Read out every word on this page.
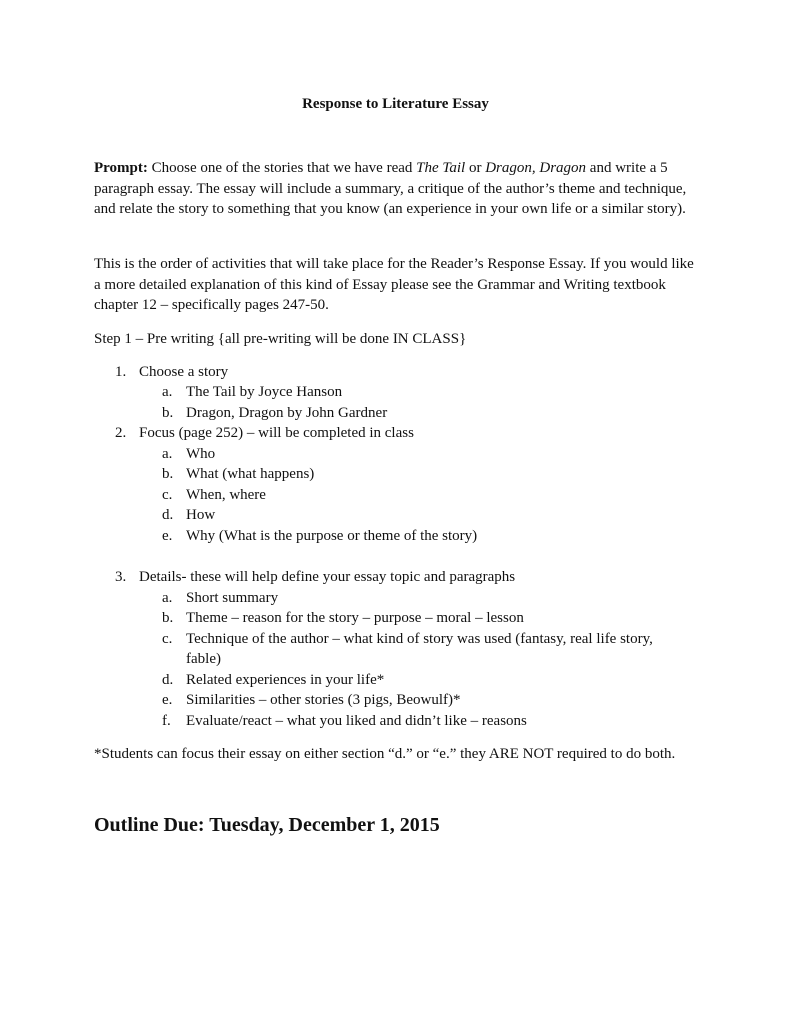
Response to Literature Essay
Prompt: Choose one of the stories that we have read The Tail or Dragon, Dragon and write a 5 paragraph essay. The essay will include a summary, a critique of the author’s theme and technique, and relate the story to something that you know (an experience in your own life or a similar story).
This is the order of activities that will take place for the Reader’s Response Essay. If you would like a more detailed explanation of this kind of Essay please see the Grammar and Writing textbook chapter 12 – specifically pages 247-50.
Step 1 – Pre writing {all pre-writing will be done IN CLASS}
1. Choose a story
a. The Tail by Joyce Hanson
b. Dragon, Dragon by John Gardner
2. Focus (page 252) – will be completed in class
a. Who
b. What (what happens)
c. When, where
d. How
e. Why (What is the purpose or theme of the story)
3. Details- these will help define your essay topic and paragraphs
a. Short summary
b. Theme – reason for the story – purpose – moral – lesson
c. Technique of the author – what kind of story was used (fantasy, real life story,
fable)
d. Related experiences in your life*
e. Similarities – other stories (3 pigs, Beowulf)*
f. Evaluate/react – what you liked and didn’t like – reasons
*Students can focus their essay on either section “d.” or “e.” they ARE NOT required to do both.
Outline Due: Tuesday, December 1, 2015
